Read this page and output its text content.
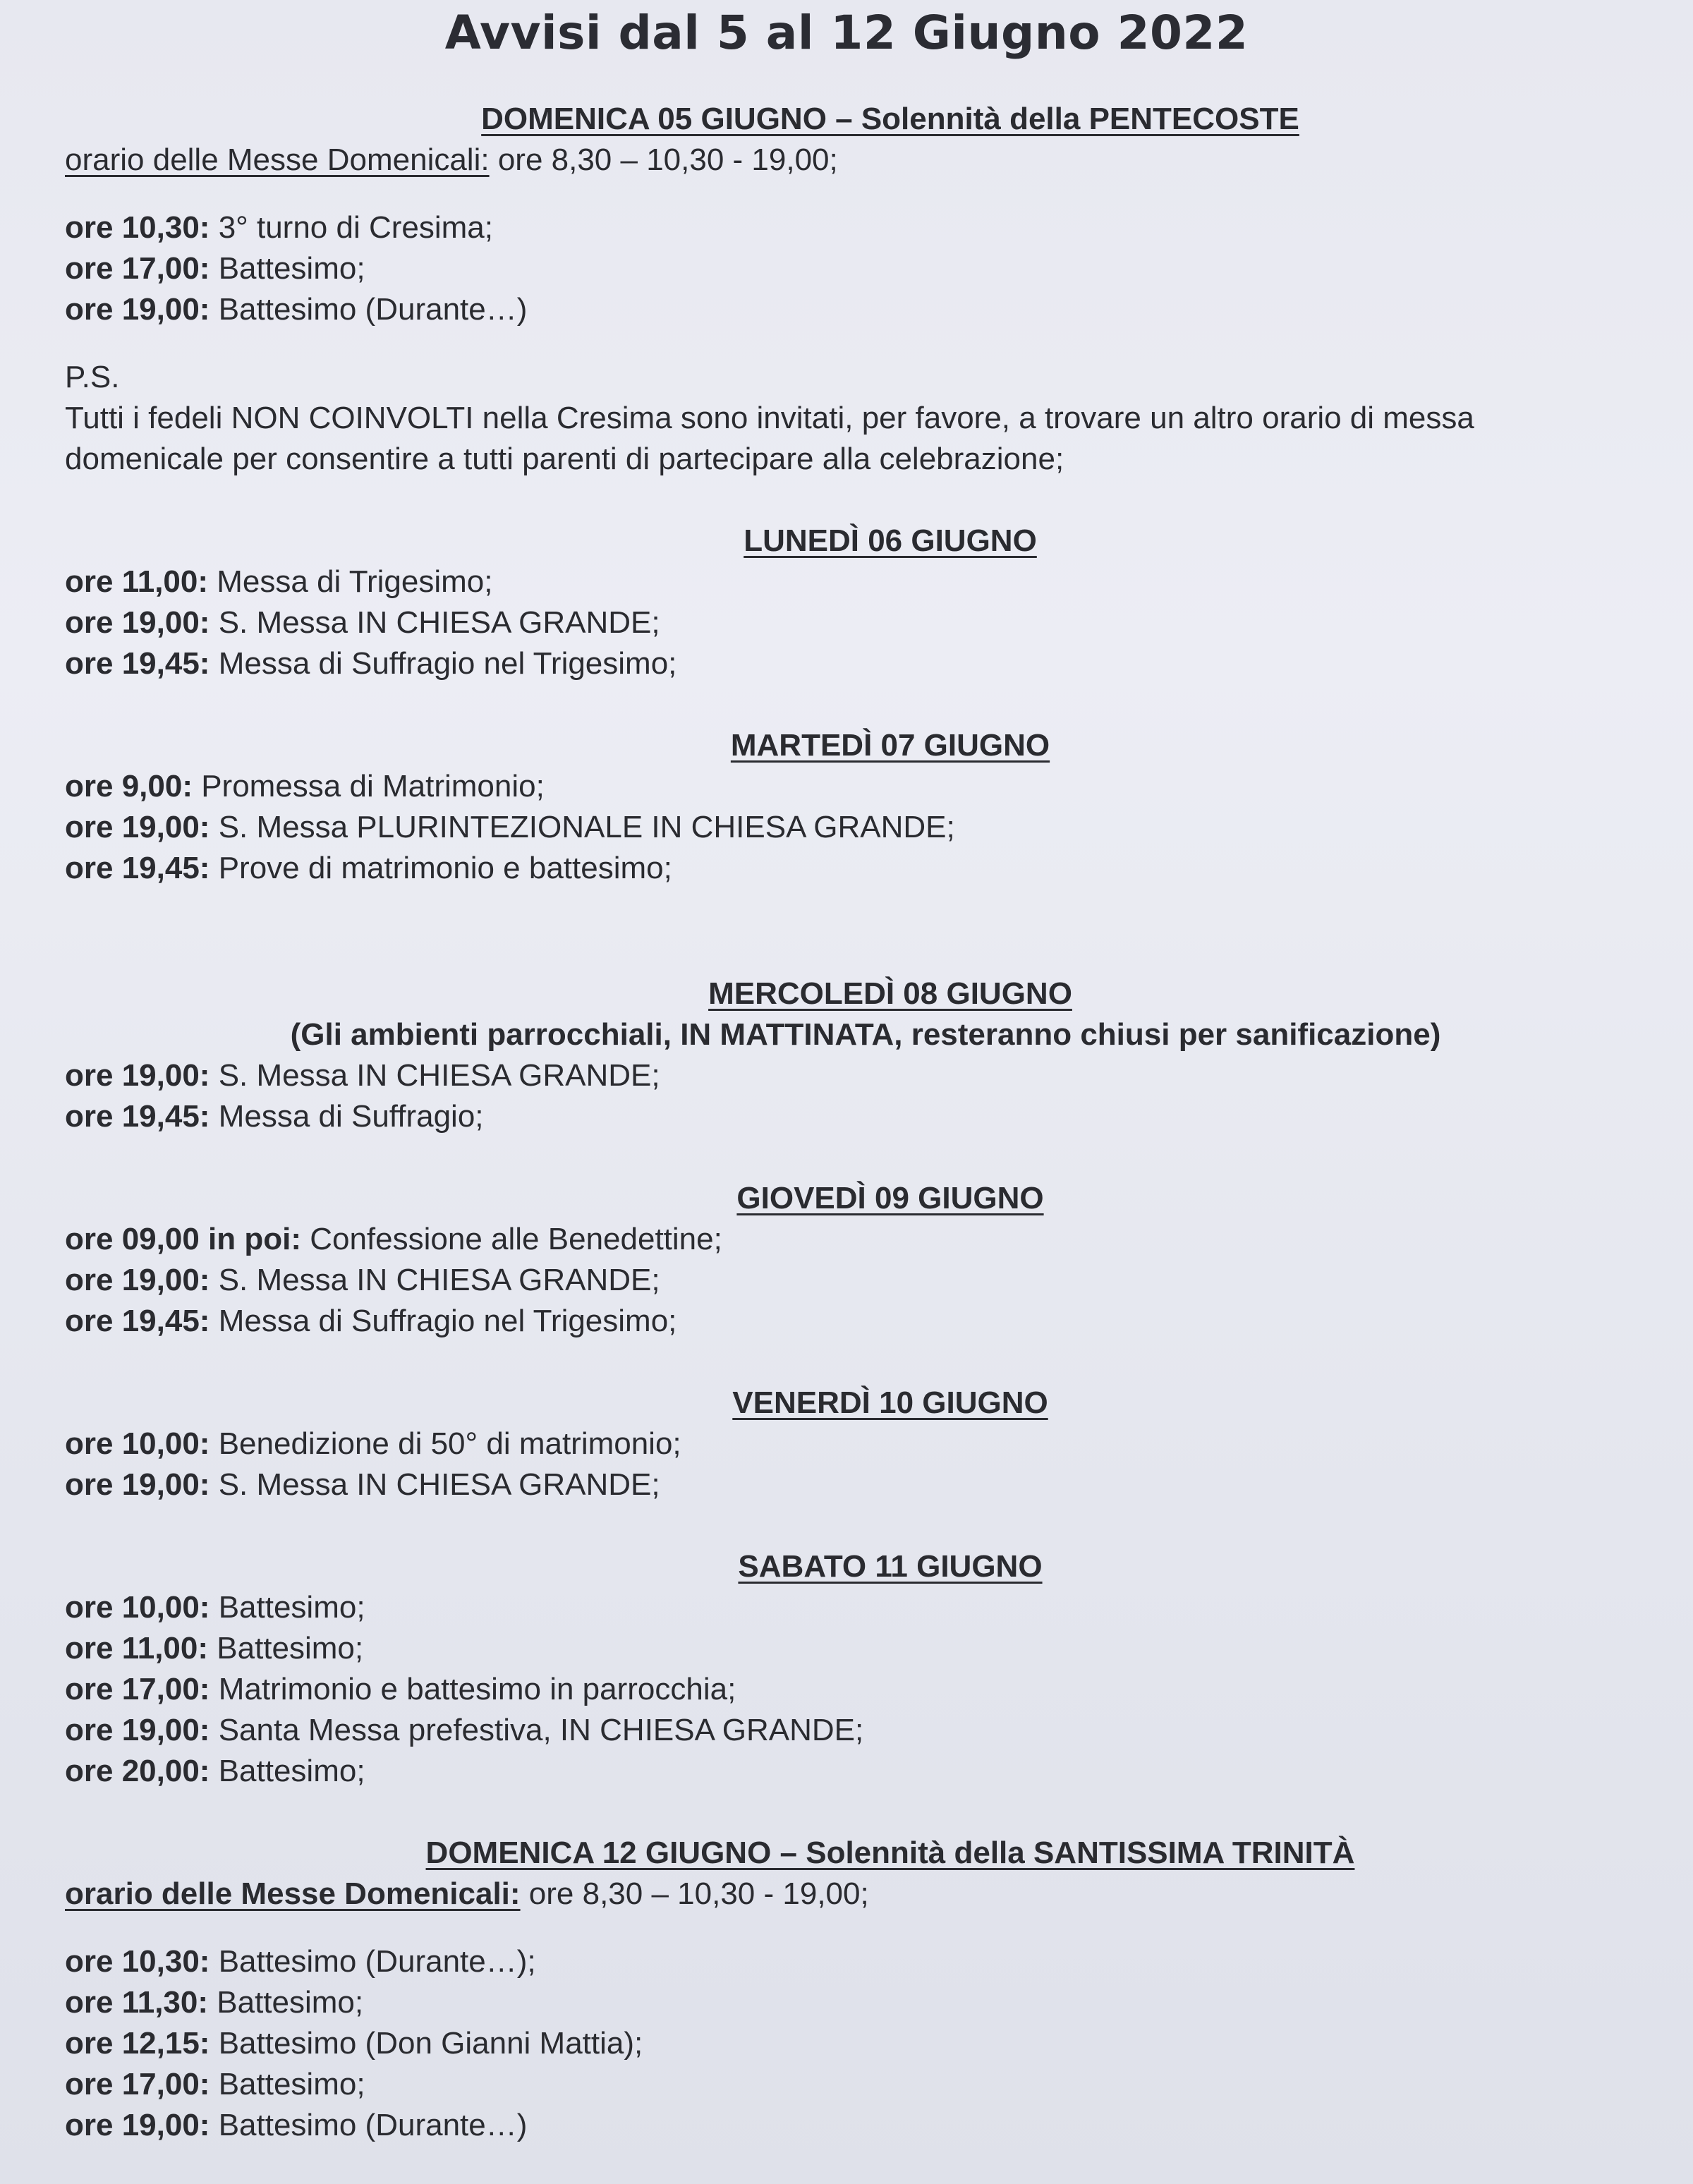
Avvisi dal 5 al 12 Giugno 2022
DOMENICA 05 GIUGNO – Solennità della PENTECOSTE
orario delle Messe Domenicali: ore 8,30 – 10,30 - 19,00;
ore 10,30: 3° turno di Cresima;
ore 17,00: Battesimo;
ore 19,00: Battesimo (Durante…)
P.S.
Tutti i fedeli NON COINVOLTI nella Cresima sono invitati, per favore, a trovare un altro orario di messa domenicale per consentire a tutti parenti di partecipare alla celebrazione;
LUNEDÌ 06 GIUGNO
ore 11,00: Messa di Trigesimo;
ore 19,00: S. Messa IN CHIESA GRANDE;
ore 19,45: Messa di Suffragio nel Trigesimo;
MARTEDÌ 07 GIUGNO
ore 9,00: Promessa di Matrimonio;
ore 19,00: S. Messa PLURINTEZIONALE IN CHIESA GRANDE;
ore 19,45: Prove di matrimonio e battesimo;
MERCOLEDÌ 08 GIUGNO
(Gli ambienti parrocchiali, IN MATTINATA, resteranno chiusi per sanificazione)
ore 19,00: S. Messa IN CHIESA GRANDE;
ore 19,45: Messa di Suffragio;
GIOVEDÌ 09 GIUGNO
ore 09,00 in poi: Confessione alle Benedettine;
ore 19,00: S. Messa IN CHIESA GRANDE;
ore 19,45: Messa di Suffragio nel Trigesimo;
VENERDÌ 10 GIUGNO
ore 10,00: Benedizione di 50° di matrimonio;
ore 19,00: S. Messa IN CHIESA GRANDE;
SABATO 11 GIUGNO
ore 10,00: Battesimo;
ore 11,00: Battesimo;
ore 17,00: Matrimonio e battesimo in parrocchia;
ore 19,00: Santa Messa prefestiva, IN CHIESA GRANDE;
ore 20,00: Battesimo;
DOMENICA 12 GIUGNO – Solennità della SANTISSIMA TRINITÀ
orario delle Messe Domenicali: ore 8,30 – 10,30 - 19,00;
ore 10,30: Battesimo (Durante…);
ore 11,30: Battesimo;
ore 12,15: Battesimo (Don Gianni Mattia);
ore 17,00: Battesimo;
ore 19,00: Battesimo (Durante…)
